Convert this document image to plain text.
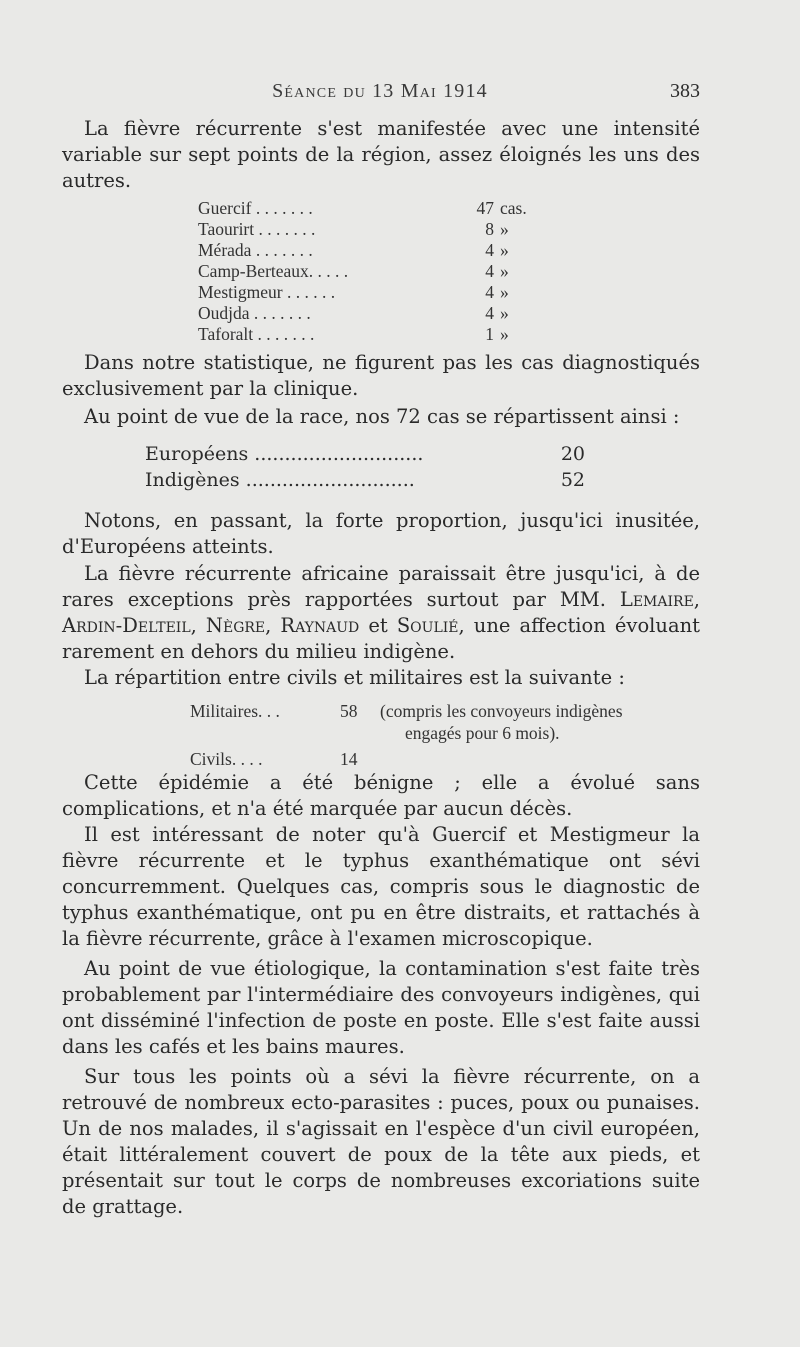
Séance du 13 Mai 1914	383

La fièvre récurrente s'est manifestée avec une intensité variable sur sept points de la région, assez éloignés les uns des autres.

Guercif . . . . . . .	47 cas.
Taourirt . . . . . . .	8 »
Mérada . . . . . . .	4 »
Camp-Berteaux. . . . .	4 »
Mestigmeur . . . . . .	4 »
Oudjda . . . . . . .	4 »
Taforalt . . . . . . .	1 »

Dans notre statistique, ne figurent pas les cas diagnostiqués exclusivement par la clinique.

Au point de vue de la race, nos 72 cas se répartissent ainsi :

Européens ............................	20
Indigènes ............................	52

Notons, en passant, la forte proportion, jusqu'ici inusitée, d'Européens atteints.

La fièvre récurrente africaine paraissait être jusqu'ici, à de rares exceptions près rapportées surtout par MM. Lemaire, Ardin-Delteil, Nègre, Raynaud et Soulié, une affection évoluant rarement en dehors du milieu indigène.

La répartition entre civils et militaires est la suivante :

Militaires. . .	58	(compris les convoyeurs indigènes
engagés pour 6 mois).
Civils. . . .	14

Cette épidémie a été bénigne ; elle a évolué sans complications, et n'a été marquée par aucun décès.

Il est intéressant de noter qu'à Guercif et Mestigmeur la fièvre récurrente et le typhus exanthématique ont sévi concurremment. Quelques cas, compris sous le diagnostic de typhus exanthématique, ont pu en être distraits, et rattachés à la fièvre récurrente, grâce à l'examen microscopique.

Au point de vue étiologique, la contamination s'est faite très probablement par l'intermédiaire des convoyeurs indigènes, qui ont disséminé l'infection de poste en poste. Elle s'est faite aussi dans les cafés et les bains maures.

Sur tous les points où a sévi la fièvre récurrente, on a retrouvé de nombreux ecto-parasites : puces, poux ou punaises. Un de nos malades, il s'agissait en l'espèce d'un civil européen, était littéralement couvert de poux de la tête aux pieds, et présentait sur tout le corps de nombreuses excoriations suite de grattage.
